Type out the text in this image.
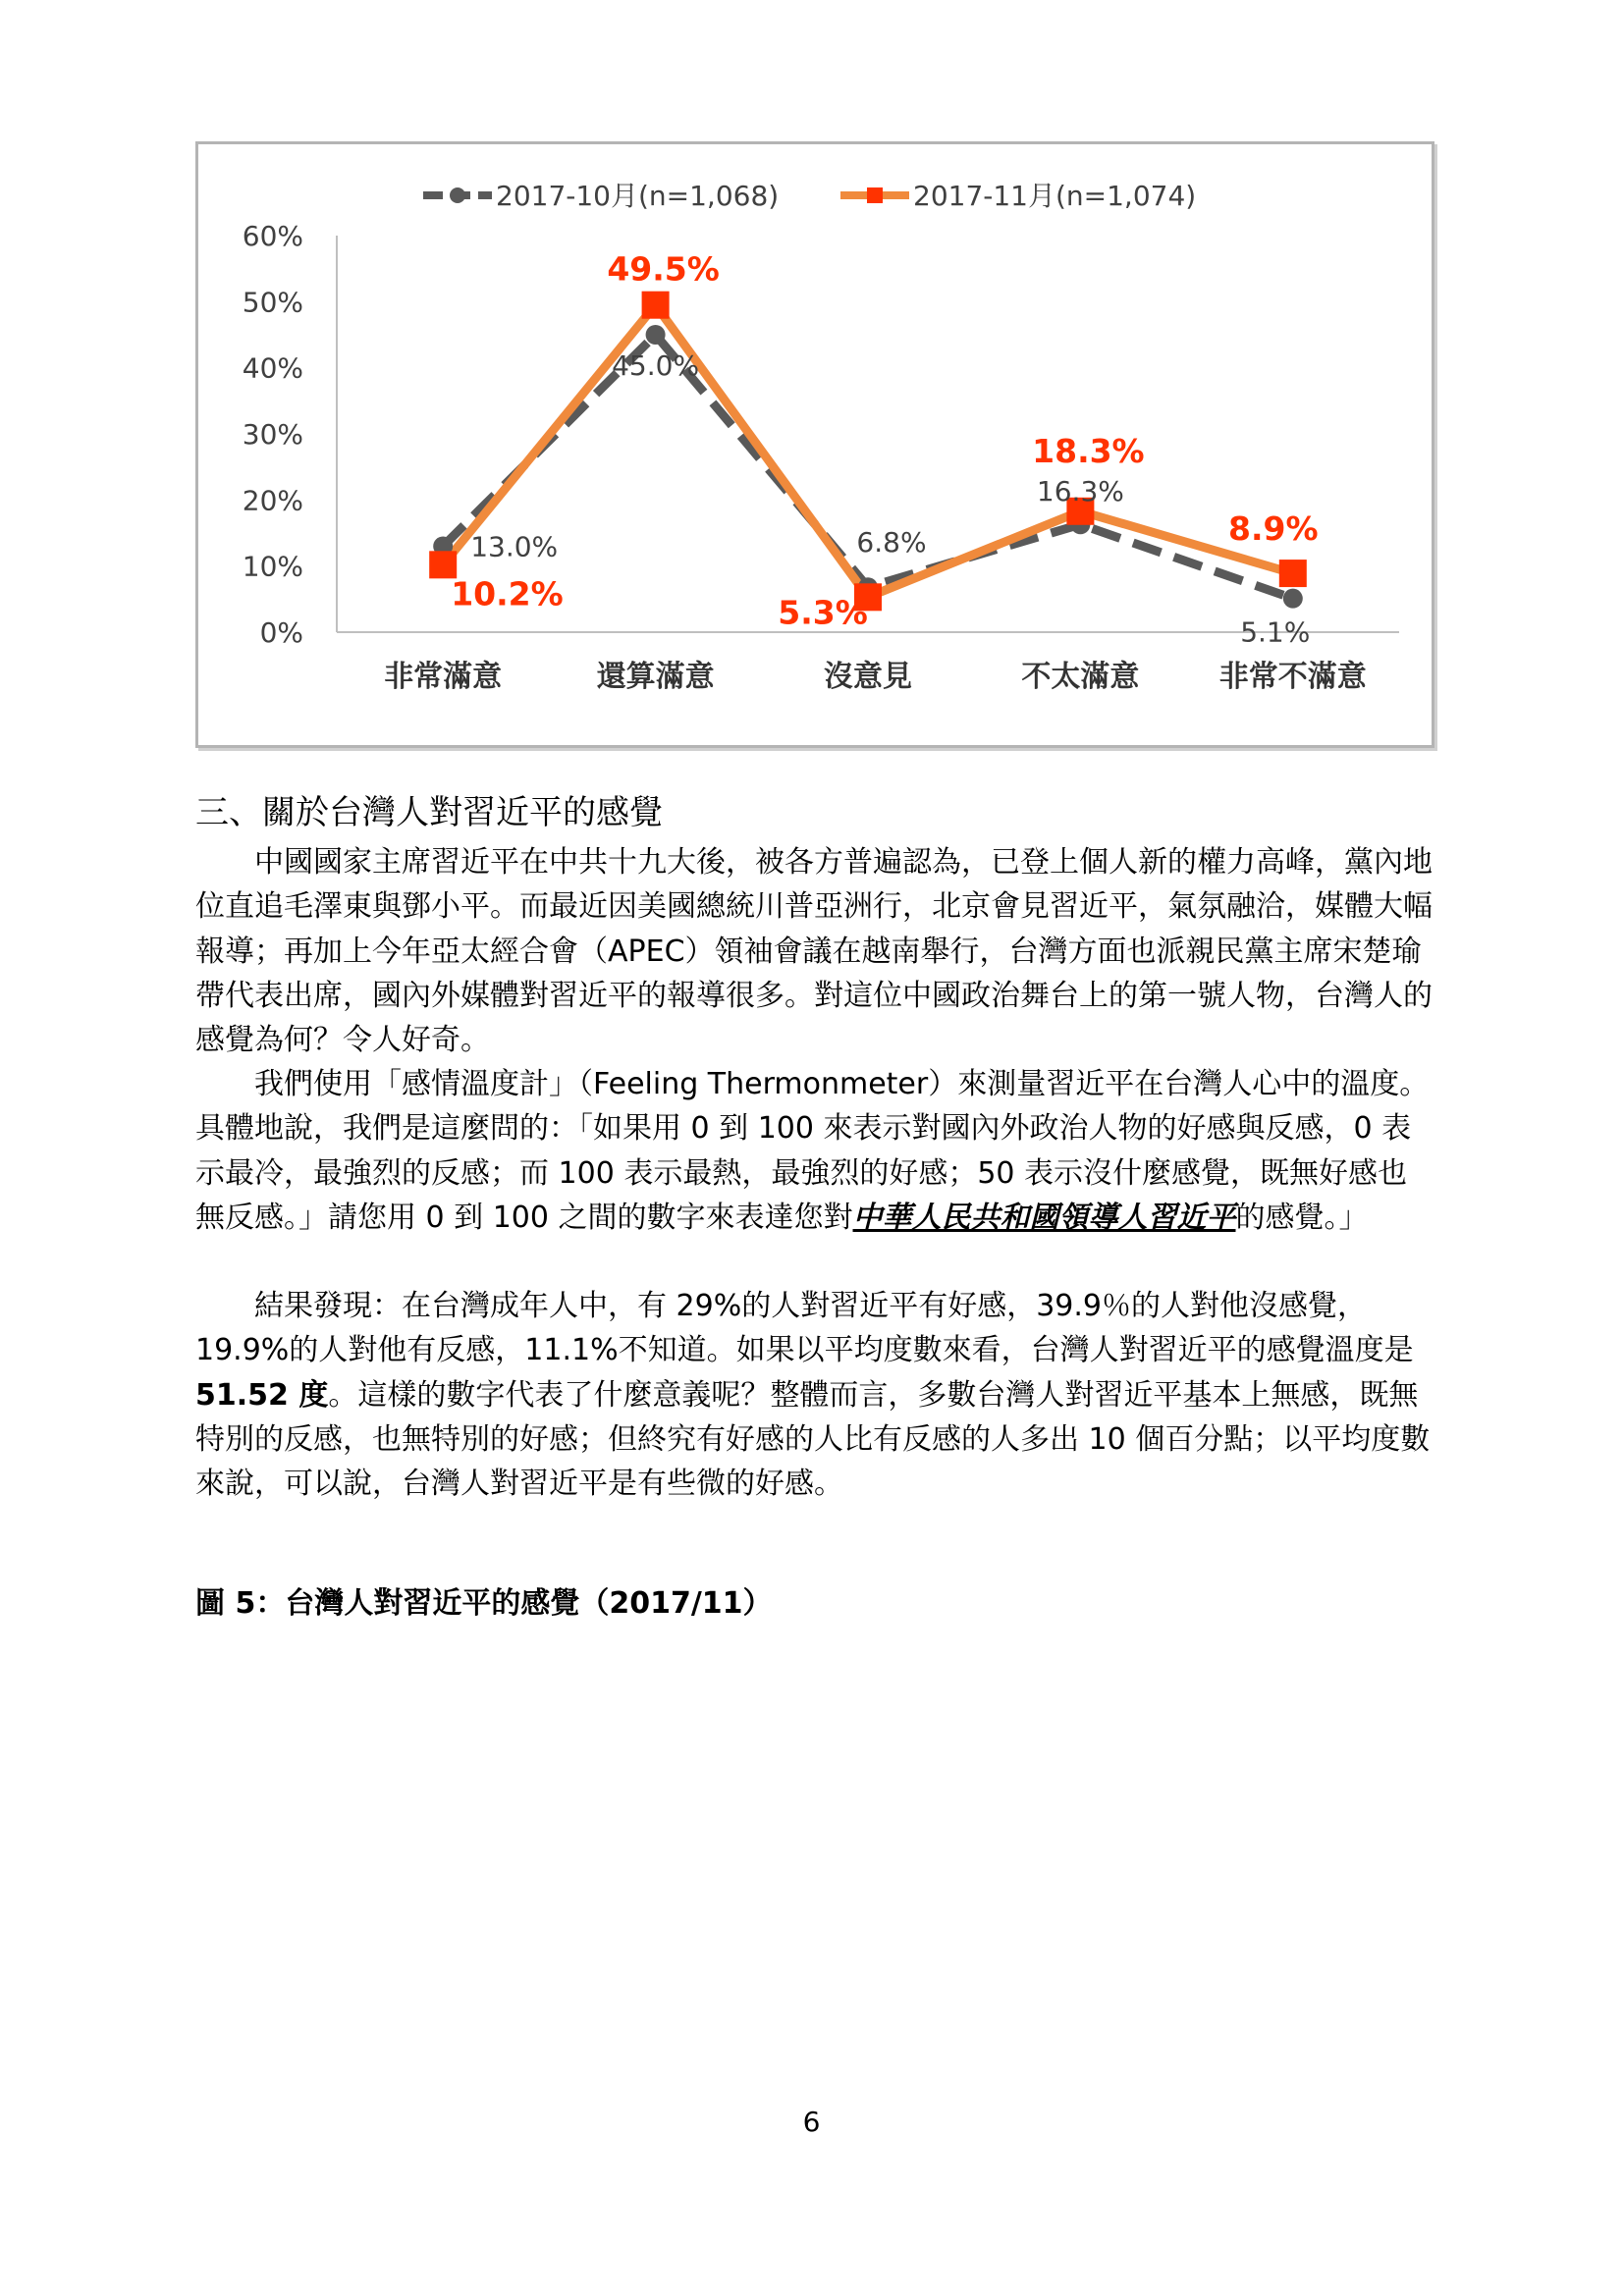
0%
10%
20%
30%
40%
50%
60%
非常滿意	還算滿意	沒意見	不太滿意	非常不滿意
13.0%
45.0%
6.8%
16.3%
5.1%
10.2%
49.5%
5.3%
18.3%
8.9%
2017-10月(n=1,068)	2017-11月(n=1,074)
三、關於台灣人對習近平的感覺

中國國家主席習近平在中共十九大後，被各方普遍認為，已登上個人新的權力高峰，黨內地位直追毛澤東與鄧小平。而最近因美國總統川普亞洲行，北京會見習近平，氣氛融洽，媒體大幅報導；再加上今年亞太經合會（APEC）領袖會議在越南舉行，台灣方面也派親民黨主席宋楚瑜帶代表出席，國內外媒體對習近平的報導很多。對這位中國政治舞台上的第一號人物，台灣人的感覺為何？令人好奇。

我們使用「感情溫度計」（Feeling Thermonmeter）來測量習近平在台灣人心中的溫度。具體地說，我們是這麼問的：「如果用 0 到 100 來表示對國內外政治人物的好感與反感，0 表示最冷，最強烈的反感；而 100 表示最熱，最強烈的好感；50 表示沒什麼感覺，既無好感也無反感。」請您用 0 到 100 之間的數字來表達您對中華人民共和國領導人習近平的感覺。」

結果發現：在台灣成年人中，有 29%的人對習近平有好感，39.9％的人對他沒感覺，19.9%的人對他有反感，11.1%不知道。如果以平均度數來看，台灣人對習近平的感覺溫度是 51.52 度。這樣的數字代表了什麼意義呢？整體而言，多數台灣人對習近平基本上無感，既無特別的反感，也無特別的好感；但終究有好感的人比有反感的人多出 10 個百分點；以平均度數來說，可以說，台灣人對習近平是有些微的好感。

圖 5：台灣人對習近平的感覺（2017/11）
6
